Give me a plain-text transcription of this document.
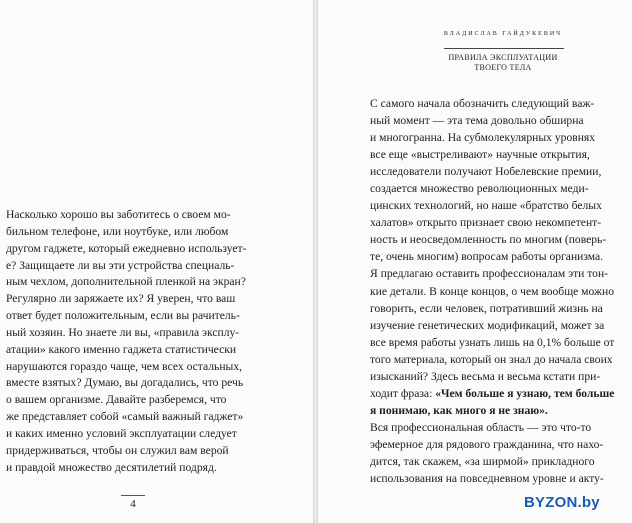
Насколько хорошо вы заботитесь о своем мо-
бильном телефоне, или ноутбуке, или любом
другом гаджете, который ежедневно использует-
е? Защищаете ли вы эти устройства специаль-
ным чехлом, дополнительной пленкой на экран?
Регулярно ли заряжаете их? Я уверен, что ваш
ответ будет положительным, если вы рачитель-
ный хозяин. Но знаете ли вы, «правила эксплу-
атации» какого именно гаджета статистически
нарушаются гораздо чаще, чем всех остальных,
вместе взятых? Думаю, вы догадались, что речь
о вашем организме. Давайте разберемся, что
же представляет собой «самый важный гаджет»
и каких именно условий эксплуатации следует
придерживаться, чтобы он служил вам верой
и правдой множество десятилетий подряд.
4
ВЛАДИСЛАВ ГАЙДУКЕВИЧ
ПРАВИЛА ЭКСПЛУАТАЦИИ
ТВОЕГО ТЕЛА
С самого начала обозначить следующий важ-
ный момент — эта тема довольно обширна
и многогранна. На субмолекулярных уровнях
все еще «выстреливают» научные открытия,
исследователи получают Нобелевские премии,
создается множество революционных меди-
цинских технологий, но наше «братство белых
халатов» открыто признает свою некомпетент-
ность и неосведомленность по многим (поверь-
те, очень многим) вопросам работы организма.
Я предлагаю оставить профессионалам эти тон-
кие детали. В конце концов, о чем вообще можно
говорить, если человек, потративший жизнь на
изучение генетических модификаций, может за
все время работы узнать лишь на 0,1% больше от
того материала, который он знал до начала своих
изысканий? Здесь весьма и весьма кстати при-
ходит фраза: «Чем больше я узнаю, тем больше
я понимаю, как много я не знаю».
Вся профессиональная область — это что-то
эфемерное для рядового гражданина, что нахо-
дится, так скажем, «за ширмой» прикладного
использования на повседневном уровне и акту-
BYZON.by
